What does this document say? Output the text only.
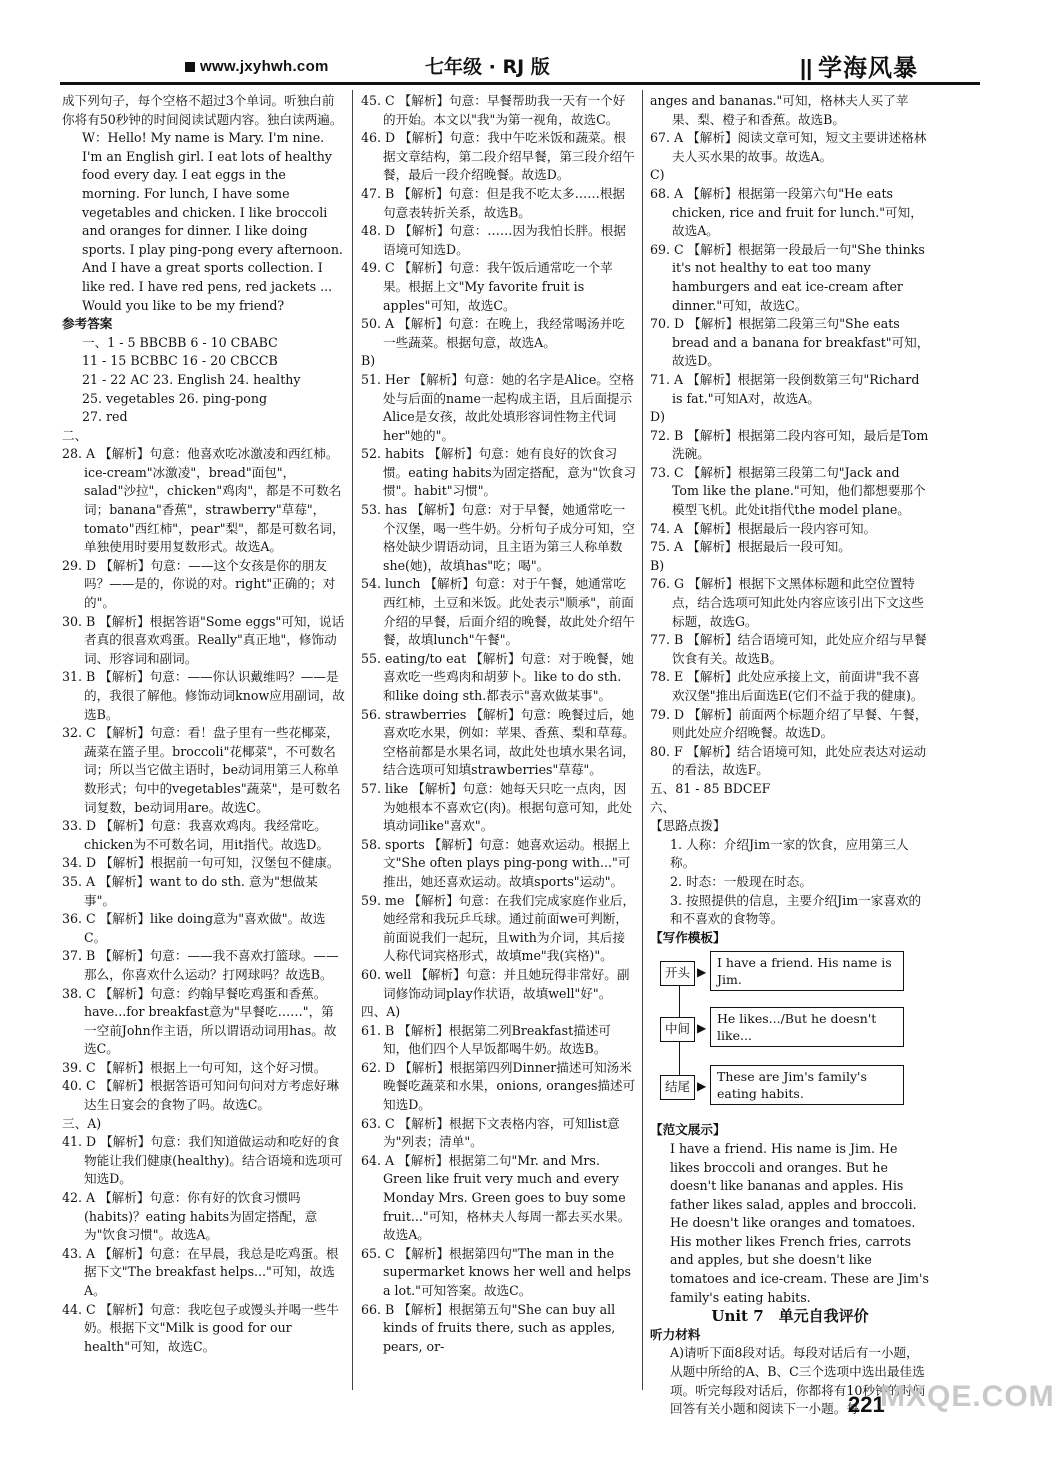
www.jxyhwh.com	七年级 · RJ 版	|| 学海风暴

成下列句子，每个空格不超过3个单词。听独白前你将有50秒钟的时间阅读试题内容。独白读两遍。

W：Hello! My name is Mary. I'm nine. I'm an English girl. I eat lots of healthy food every day. I eat eggs in the morning. For lunch, I have some vegetables and chicken. I like broccoli and oranges for dinner. I like doing sports. I play ping-pong every afternoon. And I have a great sports collection. I like red. I have red pens, red jackets ... Would you like to be my friend?

参考答案

一、1 - 5 BBCBB 6 - 10 CBABC

11 - 15 BCBBC 16 - 20 CBCCB

21 - 22 AC 23. English 24. healthy

25. vegetables 26. ping-pong

27. red

二、

28. A 【解析】句意：他喜欢吃冰激凌和西红柿。ice-cream"冰激凌"，bread"面包"，salad"沙拉"，chicken"鸡肉"，都是不可数名词；banana"香蕉"，strawberry"草莓"，tomato"西红柿"，pear"梨"，都是可数名词，单独使用时要用复数形式。故选A。

29. D 【解析】句意：——这个女孩是你的朋友吗？——是的，你说的对。right"正确的；对的"。

30. B 【解析】根据答语"Some eggs"可知，说话者真的很喜欢鸡蛋。Really"真正地"，修饰动词、形容词和副词。

31. B 【解析】句意：——你认识戴维吗？——是的，我很了解他。修饰动词know应用副词，故选B。

32. C 【解析】句意：看！盘子里有一些花椰菜，蔬菜在篮子里。broccoli"花椰菜"，不可数名词；所以当它做主语时，be动词用第三人称单数形式；句中的vegetables"蔬菜"，是可数名词复数，be动词用are。故选C。

33. D 【解析】句意：我喜欢鸡肉。我经常吃。chicken为不可数名词，用it指代。故选D。

34. D 【解析】根据前一句可知，汉堡包不健康。

35. A 【解析】want to do sth. 意为"想做某事"。

36. C 【解析】like doing意为"喜欢做"。故选C。

37. B 【解析】句意：——我不喜欢打篮球。——那么，你喜欢什么运动？打网球吗？故选B。

38. C 【解析】句意：约翰早餐吃鸡蛋和香蕉。have...for breakfast意为"早餐吃……"，第一空前John作主语，所以谓语动词用has。故选C。

39. C 【解析】根据上一句可知，这个好习惯。

40. C 【解析】根据答语可知问句问对方考虑好琳达生日宴会的食物了吗。故选C。

三、A)

41. D 【解析】句意：我们知道做运动和吃好的食物能让我们健康(healthy)。结合语境和选项可知选D。

42. A 【解析】句意：你有好的饮食习惯吗(habits)？eating habits为固定搭配，意为"饮食习惯"。故选A。

43. A 【解析】句意：在早晨，我总是吃鸡蛋。根据下文"The breakfast helps..."可知，故选A。

44. C 【解析】句意：我吃包子或馒头并喝一些牛奶。根据下文"Milk is good for our health"可知，故选C。

45. C 【解析】句意：早餐帮助我一天有一个好的开始。本文以"我"为第一视角，故选C。

46. D 【解析】句意：我中午吃米饭和蔬菜。根据文章结构，第二段介绍早餐，第三段介绍午餐，最后一段介绍晚餐。故选D。

47. B 【解析】句意：但是我不吃太多……根据句意表转折关系，故选B。

48. D 【解析】句意：……因为我怕长胖。根据语境可知选D。

49. C 【解析】句意：我午饭后通常吃一个苹果。根据上文"My favorite fruit is apples"可知，故选C。

50. A 【解析】句意：在晚上，我经常喝汤并吃一些蔬菜。根据句意，故选A。

B)

51. Her 【解析】句意：她的名字是Alice。空格处与后面的name一起构成主语，且后面提示Alice是女孩，故此处填形容词性物主代词her"她的"。

52. habits 【解析】句意：她有良好的饮食习惯。eating habits为固定搭配，意为"饮食习惯"。habit"习惯"。

53. has 【解析】句意：对于早餐，她通常吃一个汉堡，喝一些牛奶。分析句子成分可知，空格处缺少谓语动词，且主语为第三人称单数she(她)，故填has"吃；喝"。

54. lunch 【解析】句意：对于午餐，她通常吃西红柿，土豆和米饭。此处表示"顺承"，前面介绍的早餐，后面介绍的晚餐，故此处介绍午餐，故填lunch"午餐"。

55. eating/to eat 【解析】句意：对于晚餐，她喜欢吃一些鸡肉和胡萝卜。like to do sth. 和like doing sth.都表示"喜欢做某事"。

56. strawberries 【解析】句意：晚餐过后，她喜欢吃水果，例如：苹果、香蕉、梨和草莓。空格前都是水果名词，故此处也填水果名词，结合选项可知填strawberries"草莓"。

57. like 【解析】句意：她每天只吃一点肉，因为她根本不喜欢它(肉)。根据句意可知，此处填动词like"喜欢"。

58. sports 【解析】句意：她喜欢运动。根据上文"She often plays ping-pong with..."可推出，她还喜欢运动。故填sports"运动"。

59. me 【解析】句意：在我们完成家庭作业后，她经常和我玩乒乓球。通过前面we可判断，前面说我们一起玩，且with为介词，其后接人称代词宾格形式，故填me"我(宾格)"。

60. well 【解析】句意：并且她玩得非常好。副词修饰动词play作状语，故填well"好"。

四、A)

61. B 【解析】根据第二列Breakfast描述可知，他们四个人早饭都喝牛奶。故选B。

62. D 【解析】根据第四列Dinner描述可知汤米晚餐吃蔬菜和水果，onions, oranges描述可知选D。

63. C 【解析】根据下文表格内容，可知list意为"列表；清单"。

64. A 【解析】根据第二句"Mr. and Mrs. Green like fruit very much and every Monday Mrs. Green goes to buy some fruit..."可知，格林夫人每周一都去买水果。故选A。

65. C 【解析】根据第四句"The man in the supermarket knows her well and helps a lot."可知答案。故选C。

66. B 【解析】根据第五句"She can buy all kinds of fruits there, such as apples, pears, or-

anges and bananas."可知，格林夫人买了苹果、梨、橙子和香蕉。故选B。

67. A 【解析】阅读文章可知，短文主要讲述格林夫人买水果的故事。故选A。

C)

68. A 【解析】根据第一段第六句"He eats chicken, rice and fruit for lunch."可知，故选A。

69. C 【解析】根据第一段最后一句"She thinks it's not healthy to eat too many hamburgers and eat ice-cream after dinner."可知，故选C。

70. D 【解析】根据第二段第三句"She eats bread and a banana for breakfast"可知，故选D。

71. A 【解析】根据第一段倒数第三句"Richard is fat."可知A对，故选A。

D)

72. B 【解析】根据第二段内容可知，最后是Tom洗碗。

73. C 【解析】根据第三段第二句"Jack and Tom like the plane."可知，他们都想要那个模型飞机。此处it指代the model plane。

74. A 【解析】根据最后一段内容可知。

75. A 【解析】根据最后一段可知。

B)

76. G 【解析】根据下文黑体标题和此空位置特点，结合选项可知此处内容应该引出下文这些标题，故选G。

77. B 【解析】结合语境可知，此处应介绍与早餐饮食有关。故选B。

78. E 【解析】此处应承接上文，前面讲"我不喜欢汉堡"推出后面选E(它们不益于我的健康)。

79. D 【解析】前面两个标题介绍了早餐、午餐，则此处应介绍晚餐。故选D。

80. F 【解析】结合语境可知，此处应表达对运动的看法，故选F。

五、81 - 85 BDCEF

六、

【思路点拨】

1. 人称：介绍Jim一家的饮食，应用第三人称。

2. 时态：一般现在时态。

3. 按照提供的信息，主要介绍Jim一家喜欢的和不喜欢的食物等。

【写作模板】

开头 ▶
I have a friend. His name is Jim.
中间 ▶
He likes.../But he doesn't like...
结尾 ▶
These are Jim's family's eating habits.

【范文展示】

I have a friend. His name is Jim. He likes broccoli and oranges. But he doesn't like bananas and apples. His father likes salad, apples and broccoli. He doesn't like oranges and tomatoes. His mother likes French fries, carrots and apples, but she doesn't like tomatoes and ice-cream. These are Jim's family's eating habits.

Unit 7　单元自我评价

听力材料

A)请听下面8段对话。每段对话后有一小题，从题中所给的A、B、C三个选项中选出最佳选项。听完每段对话后，你都将有10秒钟的时间回答有关小题和阅读下一小题。每 MXQE.COM
221
